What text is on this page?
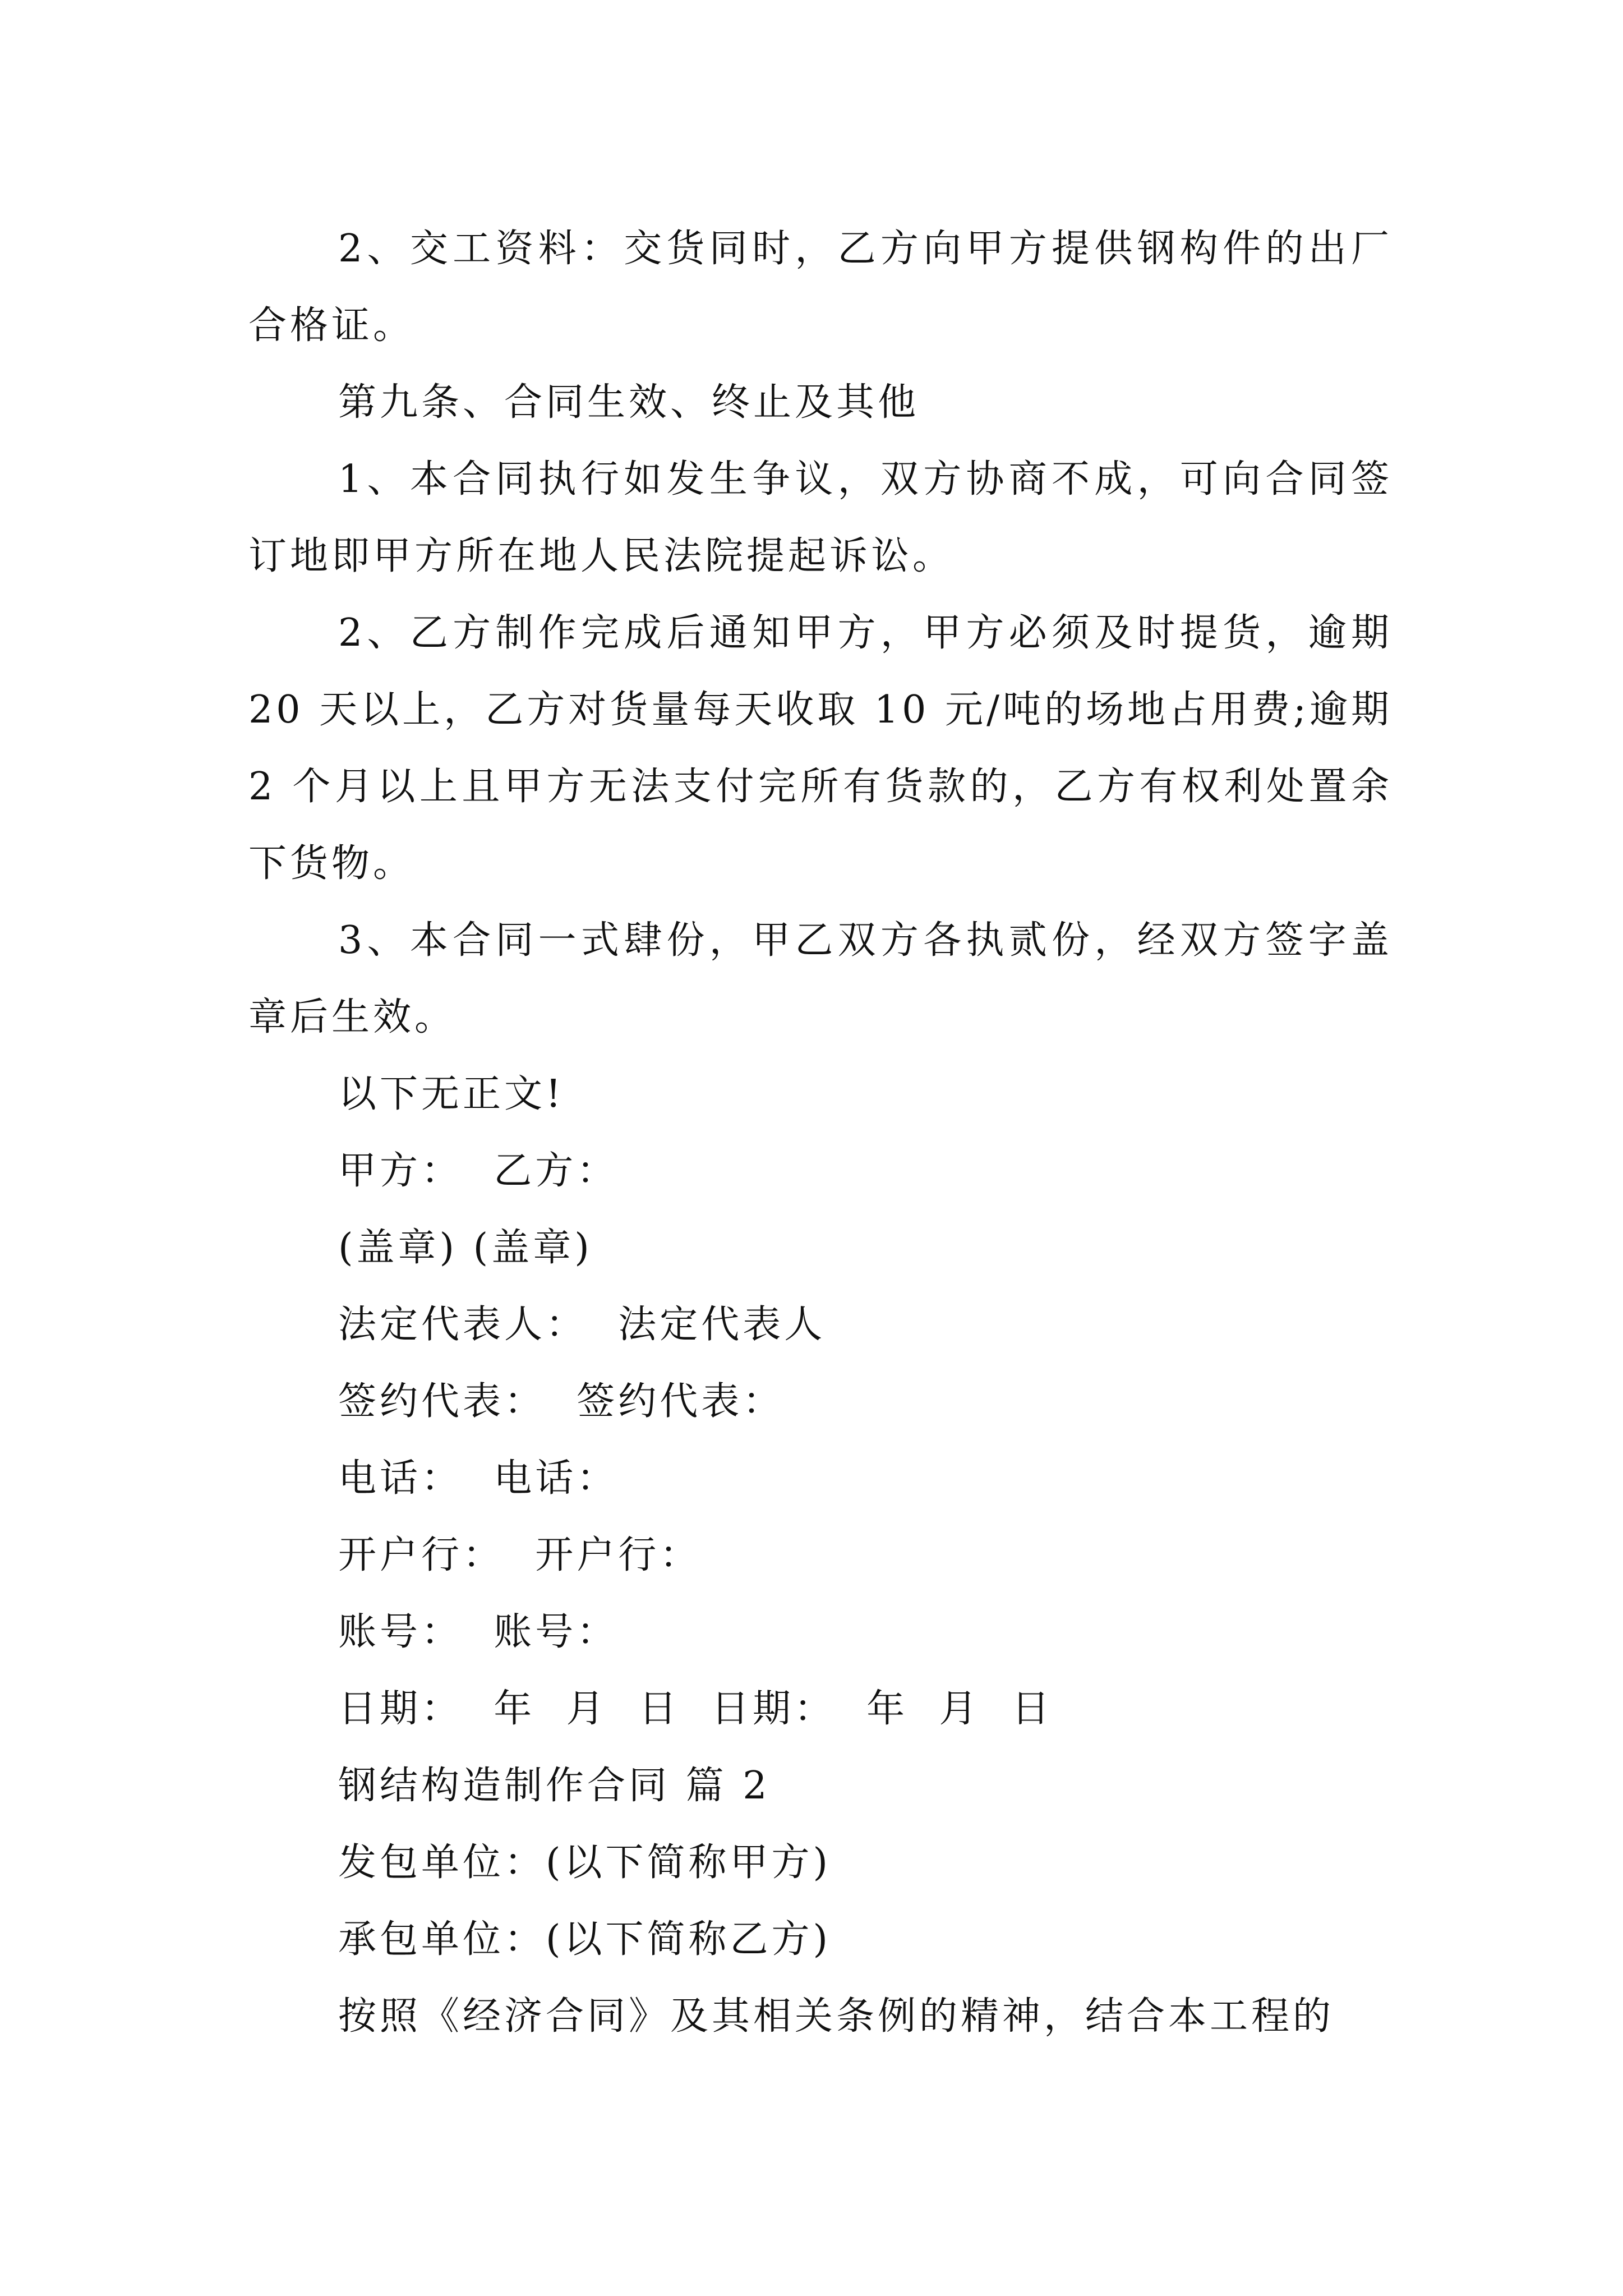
2、交工资料：交货同时，乙方向甲方提供钢构件的出厂合格证。

第九条、合同生效、终止及其他

1、本合同执行如发生争议，双方协商不成，可向合同签订地即甲方所在地人民法院提起诉讼。

2、乙方制作完成后通知甲方，甲方必须及时提货，逾期 20 天以上，乙方对货量每天收取 10 元/吨的场地占用费;逾期 2 个月以上且甲方无法支付完所有货款的，乙方有权利处置余下货物。

3、本合同一式肆份，甲乙双方各执贰份，经双方签字盖章后生效。

以下无正文!

甲方：  乙方：

(盖章) (盖章)

法定代表人：  法定代表人

签约代表：  签约代表：

电话：  电话：

开户行：  开户行：

账号：  账号：

日期：  年  月  日  日期：  年  月  日

钢结构造制作合同 篇 2

发包单位：(以下简称甲方)

承包单位：(以下简称乙方)

按照《经济合同》及其相关条例的精神，结合本工程的
